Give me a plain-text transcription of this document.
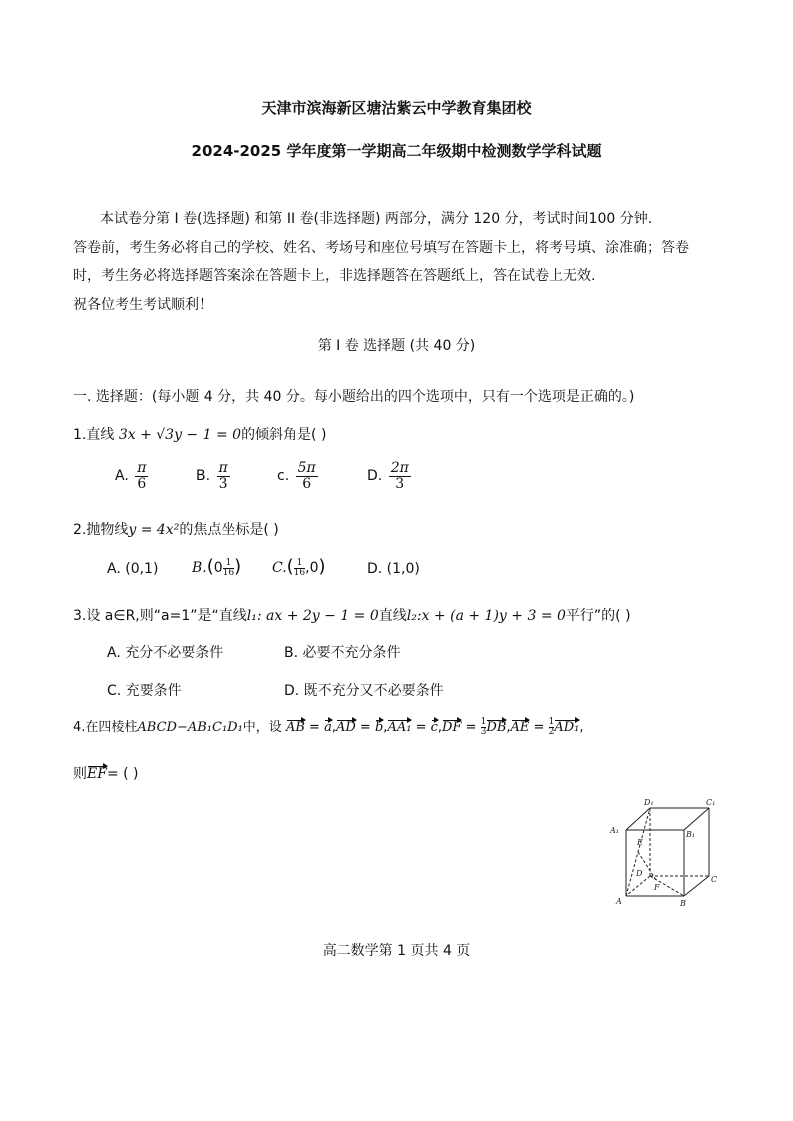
天津市滨海新区塘沽紫云中学教育集团校
2024-2025 学年度第一学期高二年级期中检测数学学科试题
本试卷分第 I 卷(选择题) 和第 II 卷(非选择题) 两部分，满分 120 分，考试时间100 分钟.
答卷前，考生务必将自己的学校、姓名、考场号和座位号填写在答题卡上，将考号填、涂准确；答卷
时，考生务必将选择题答案涂在答题卡上，非选择题答在答题纸上，答在试卷上无效.
祝各位考生考试顺利！
第 I 卷 选择题 (共 40 分)
一. 选择题：(每小题 4 分，共 40 分。每小题给出的四个选项中，只有一个选项是正确的。)
1.直线 3x + √3y − 1 = 0的倾斜角是( )
A. $\frac{\pi}{6}$	B. $\frac{\pi}{3}$	c. $\frac{5\pi}{6}$	D. $\frac{2\pi}{3}$
2.抛物线y = 4x²的焦点坐标是( )
A. (0,1) $B.(0 \frac{1}{16}$ ) $C.( \frac{1}{16} ,0)$	D. (1,0)
3.设 a∈R,则“a=1”是“直线l₁: ax + 2y − 1 = 0直线l₂:x + (a + 1)y + 3 = 0平行”的( )
A. 充分不必要条件	B. 必要不充分条件
C. 充要条件	D. 既不充分又不必要条件
4.在四棱柱ABCD−AB₁C₁D₁中，设 AB = $a,AD = b,AA_1 = c,DF = \frac{1}{3} DB,AE = \frac{1}{2} AD_1$,
则EF= ( )
D₁	C₁
A₁	B₁
E
D
C
F
A	B
高二数学第 1 页共 4 页
